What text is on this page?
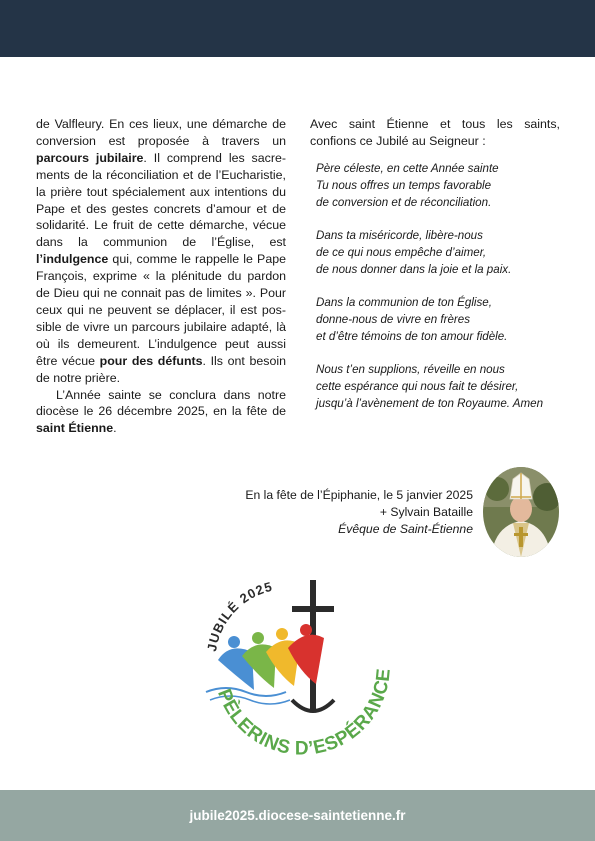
de Valfleury. En ces lieux, une démarche de conversion est proposée à travers un parcours jubilaire. Il comprend les sacrements de la réconciliation et de l’Eucharistie, la prière tout spécialement aux intentions du Pape et des gestes concrets d’amour et de solidarité. Le fruit de cette démarche, vécue dans la communion de l’Église, est l’indulgence qui, comme le rappelle le Pape François, exprime « la plénitude du pardon de Dieu qui ne connait pas de limites ». Pour ceux qui ne peuvent se déplacer, il est possible de vivre un parcours jubilaire adapté, là où ils demeurent. L’indulgence peut aussi être vécue pour des défunts. Ils ont besoin de notre prière.

L’Année sainte se conclura dans notre diocèse le 26 décembre 2025, en la fête de saint Étienne.

Avec saint Étienne et tous les saints, confions ce Jubilé au Seigneur :

Père céleste, en cette Année sainte
Tu nous offres un temps favorable
de conversion et de réconciliation.
Dans ta miséricorde, libère-nous
de ce qui nous empêche d’aimer,
de nous donner dans la joie et la paix.
Dans la communion de ton Église,
donne-nous de vivre en frères
et d’être témoins de ton amour fidèle.
Nous t’en supplions, réveille en nous
cette espérance qui nous fait te désirer,
jusqu’à l’avènement de ton Royaume. Amen
En la fête de l’Épiphanie, le 5 janvier 2025
+ Sylvain Bataille
Évêque de Saint-Étienne
JUBILÉ 2025
PÈLERINS D’ESPÉRANCE
jubile2025.diocese-saintetienne.fr
